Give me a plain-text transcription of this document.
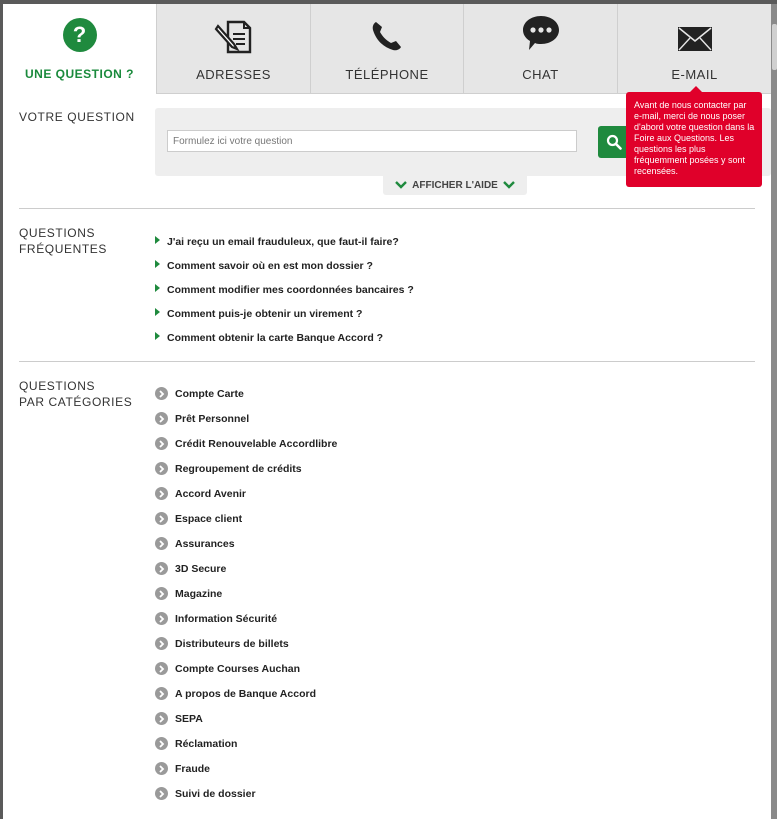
?
UNE QUESTION ?	ADRESSES	TÉLÉPHONE	CHAT	E-MAIL
VOTRE QUESTION
Formulez ici votre question
AFFICHER L'AIDE
Avant de nous contacter par e-mail, merci de nous poser d'abord votre question dans la Foire aux Questions. Les questions les plus fréquemment posées y sont recensées.
QUESTIONS
FRÉQUENTES	J'ai reçu un email frauduleux, que faut-il faire?
Comment savoir où en est mon dossier ?
Comment modifier mes coordonnées bancaires ?
Comment puis-je obtenir un virement ?
Comment obtenir la carte Banque Accord ?
QUESTIONS
PAR CATÉGORIES
Compte Carte
Prêt Personnel
Crédit Renouvelable Accordlibre
Regroupement de crédits
Accord Avenir
Espace client
Assurances
3D Secure
Magazine
Information Sécurité
Distributeurs de billets
Compte Courses Auchan
A propos de Banque Accord
SEPA
Réclamation
Fraude
Suivi de dossier
